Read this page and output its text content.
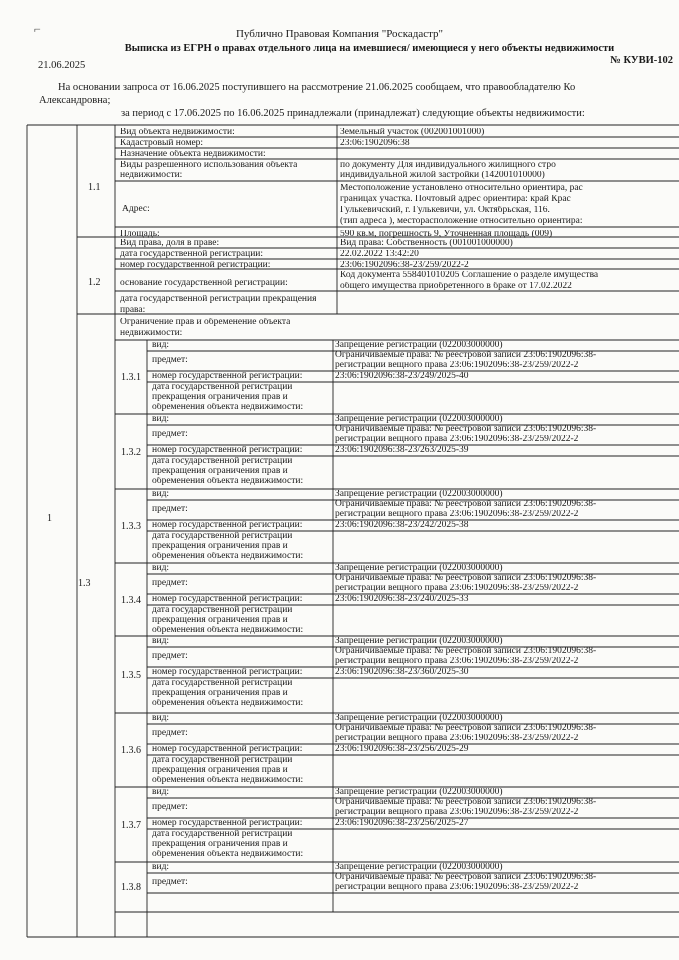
Публично Правовая Компания "Роскадастр"
Выписка из ЕГРН о правах отдельного лица на имевшиеся/ имеющиеся у него объекты недвижимости
№ КУВИ-102
21.06.2025
На основании запроса от 16.06.2025 поступившего на рассмотрение 21.06.2025 сообщаем, что правообладателю Ко
Александровна;
за период с 17.06.2025 по 16.06.2025 принадлежали (принадлежат) следующие объекты недвижимости:
1
1.1
Вид объекта недвижимости:	Земельный участок (002001001000)
Кадастровый номер:	23:06:1902096:38
Назначение объекта недвижимости:
Виды разрешенного использования объекта
недвижимости:
по документу Для индивидуального жилищного стро
индивидуальной жилой застройки (142001010000)
Адрес:
Местоположение установлено относительно ориентира, рас
границах участка. Почтовый адрес ориентира: край Крас
Гулькевичский, г. Гулькевичи, ул. Октябрьская, 116.
(тип адреса ), месторасположение относительно ориентира:
Площадь:	590 кв.м, погрешность 9, Уточненная площадь (009)
1.2
Вид права, доля в праве:	Вид права: Собственность (001001000000)
дата государственной регистрации:	22.02.2022 13:42:20
номер государственной регистрации:	23:06:1902096:38-23/259/2022-2
основание государственной регистрации:
Код документа 558401010205 Соглашение о разделе имущества
общего имущества приобретенного в браке от 17.02.2022
дата государственной регистрации прекращения
права:
1.3
Ограничение прав и обременение объекта
недвижимости:
1.3.1
вид:	Запрещение регистрации (022003000000)
предмет:	Ограничиваемые права: № реестровой записи 23:06:1902096:38-
регистрации вещного права 23:06:1902096:38-23/259/2022-2
номер государственной регистрации:	23:06:1902096:38-23/249/2025-40
дата государственной регистрации
прекращения ограничения прав и
обременения объекта недвижимости:
1.3.2
вид:	Запрещение регистрации (022003000000)
предмет:	Ограничиваемые права: № реестровой записи 23:06:1902096:38-
регистрации вещного права 23:06:1902096:38-23/259/2022-2
номер государственной регистрации:	23:06:1902096:38-23/263/2025-39
дата государственной регистрации
прекращения ограничения прав и
обременения объекта недвижимости:
1.3.3
вид:	Запрещение регистрации (022003000000)
предмет:	Ограничиваемые права: № реестровой записи 23:06:1902096:38-
регистрации вещного права 23:06:1902096:38-23/259/2022-2
номер государственной регистрации:	23:06:1902096:38-23/242/2025-38
дата государственной регистрации
прекращения ограничения прав и
обременения объекта недвижимости:
1.3.4
вид:	Запрещение регистрации (022003000000)
предмет:	Ограничиваемые права: № реестровой записи 23:06:1902096:38-
регистрации вещного права 23:06:1902096:38-23/259/2022-2
номер государственной регистрации:	23:06:1902096:38-23/240/2025-33
дата государственной регистрации
прекращения ограничения прав и
обременения объекта недвижимости:
1.3.5
вид:	Запрещение регистрации (022003000000)
предмет:	Ограничиваемые права: № реестровой записи 23:06:1902096:38-
регистрации вещного права 23:06:1902096:38-23/259/2022-2
номер государственной регистрации:	23:06:1902096:38-23/360/2025-30
дата государственной регистрации
прекращения ограничения прав и
обременения объекта недвижимости:
1.3.6
вид:	Запрещение регистрации (022003000000)
предмет:	Ограничиваемые права: № реестровой записи 23:06:1902096:38-
регистрации вещного права 23:06:1902096:38-23/259/2022-2
номер государственной регистрации:	23:06:1902096:38-23/256/2025-29
дата государственной регистрации
прекращения ограничения прав и
обременения объекта недвижимости:
1.3.7
вид:	Запрещение регистрации (022003000000)
предмет:	Ограничиваемые права: № реестровой записи 23:06:1902096:38-
регистрации вещного права 23:06:1902096:38-23/259/2022-2
номер государственной регистрации:	23:06:1902096:38-23/256/2025-27
дата государственной регистрации
прекращения ограничения прав и
обременения объекта недвижимости:
1.3.8
вид:	Запрещение регистрации (022003000000)
предмет:	Ограничиваемые права: № реестровой записи 23:06:1902096:38-
регистрации вещного права 23:06:1902096:38-23/259/2022-2
⌐
